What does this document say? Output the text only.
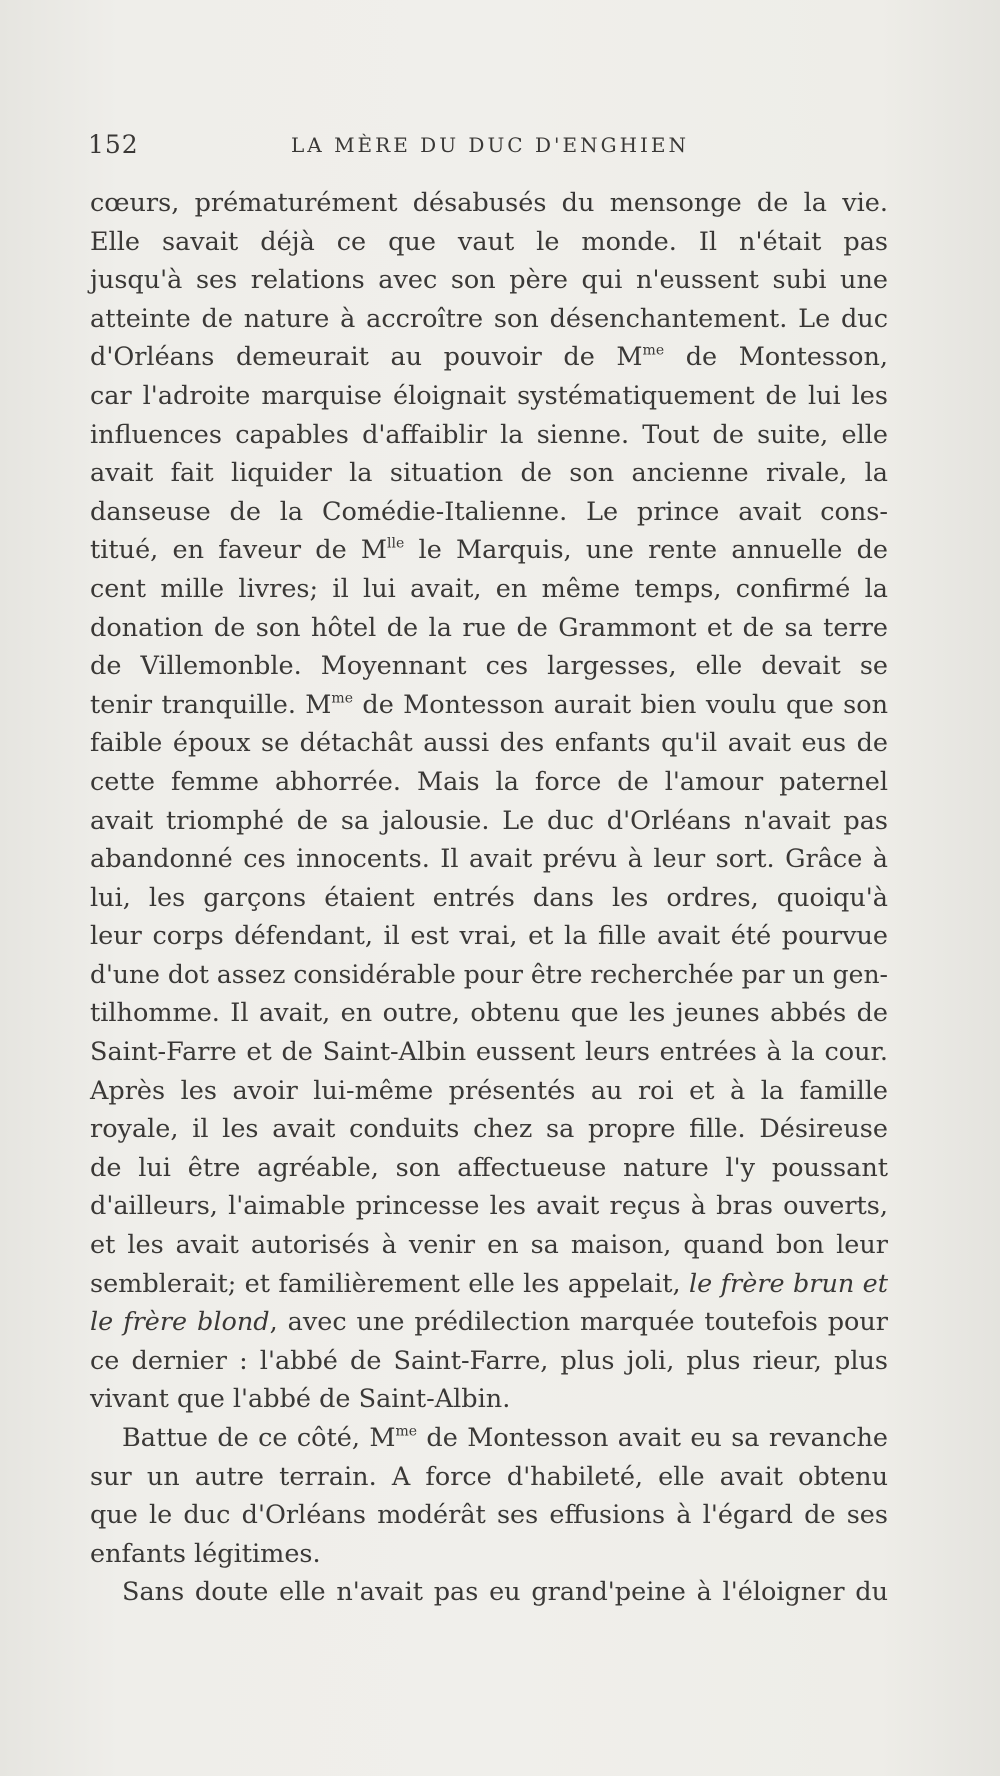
152	LA MÈRE DU DUC D'ENGHIEN
cœurs, prématurément désabusés du mensonge de la vie.
Elle savait déjà ce que vaut le monde. Il n'était pas
jusqu'à ses relations avec son père qui n'eussent subi une
atteinte de nature à accroître son désenchantement. Le duc
d'Orléans demeurait au pouvoir de $M^{me}$ de Montesson,
car l'adroite marquise éloignait systématiquement de lui les
influences capables d'affaiblir la sienne. Tout de suite, elle
avait fait liquider la situation de son ancienne rivale, la
danseuse de la Comédie-Italienne. Le prince avait cons-
titué, en faveur de $M^{lle}$ le Marquis, une rente annuelle de
cent mille livres; il lui avait, en même temps, confirmé la
donation de son hôtel de la rue de Grammont et de sa terre
de Villemonble. Moyennant ces largesses, elle devait se
tenir tranquille. $M^{me}$ de Montesson aurait bien voulu que son
faible époux se détachât aussi des enfants qu'il avait eus de
cette femme abhorrée. Mais la force de l'amour paternel
avait triomphé de sa jalousie. Le duc d'Orléans n'avait pas
abandonné ces innocents. Il avait prévu à leur sort. Grâce à
lui, les garçons étaient entrés dans les ordres, quoiqu'à
leur corps défendant, il est vrai, et la fille avait été pourvue
d'une dot assez considérable pour être recherchée par un gen-
tilhomme. Il avait, en outre, obtenu que les jeunes abbés de
Saint-Farre et de Saint-Albin eussent leurs entrées à la cour.
Après les avoir lui-même présentés au roi et à la famille
royale, il les avait conduits chez sa propre fille. Désireuse
de lui être agréable, son affectueuse nature l'y poussant
d'ailleurs, l'aimable princesse les avait reçus à bras ouverts,
et les avait autorisés à venir en sa maison, quand bon leur
semblerait; et familièrement elle les appelait, le frère brun et
le frère blond, avec une prédilection marquée toutefois pour
ce dernier : l'abbé de Saint-Farre, plus joli, plus rieur, plus
vivant que l'abbé de Saint-Albin.
Battue de ce côté, $M^{me}$ de Montesson avait eu sa revanche
sur un autre terrain. A force d'habileté, elle avait obtenu
que le duc d'Orléans modérât ses effusions à l'égard de ses
enfants légitimes.
Sans doute elle n'avait pas eu grand'peine à l'éloigner du
